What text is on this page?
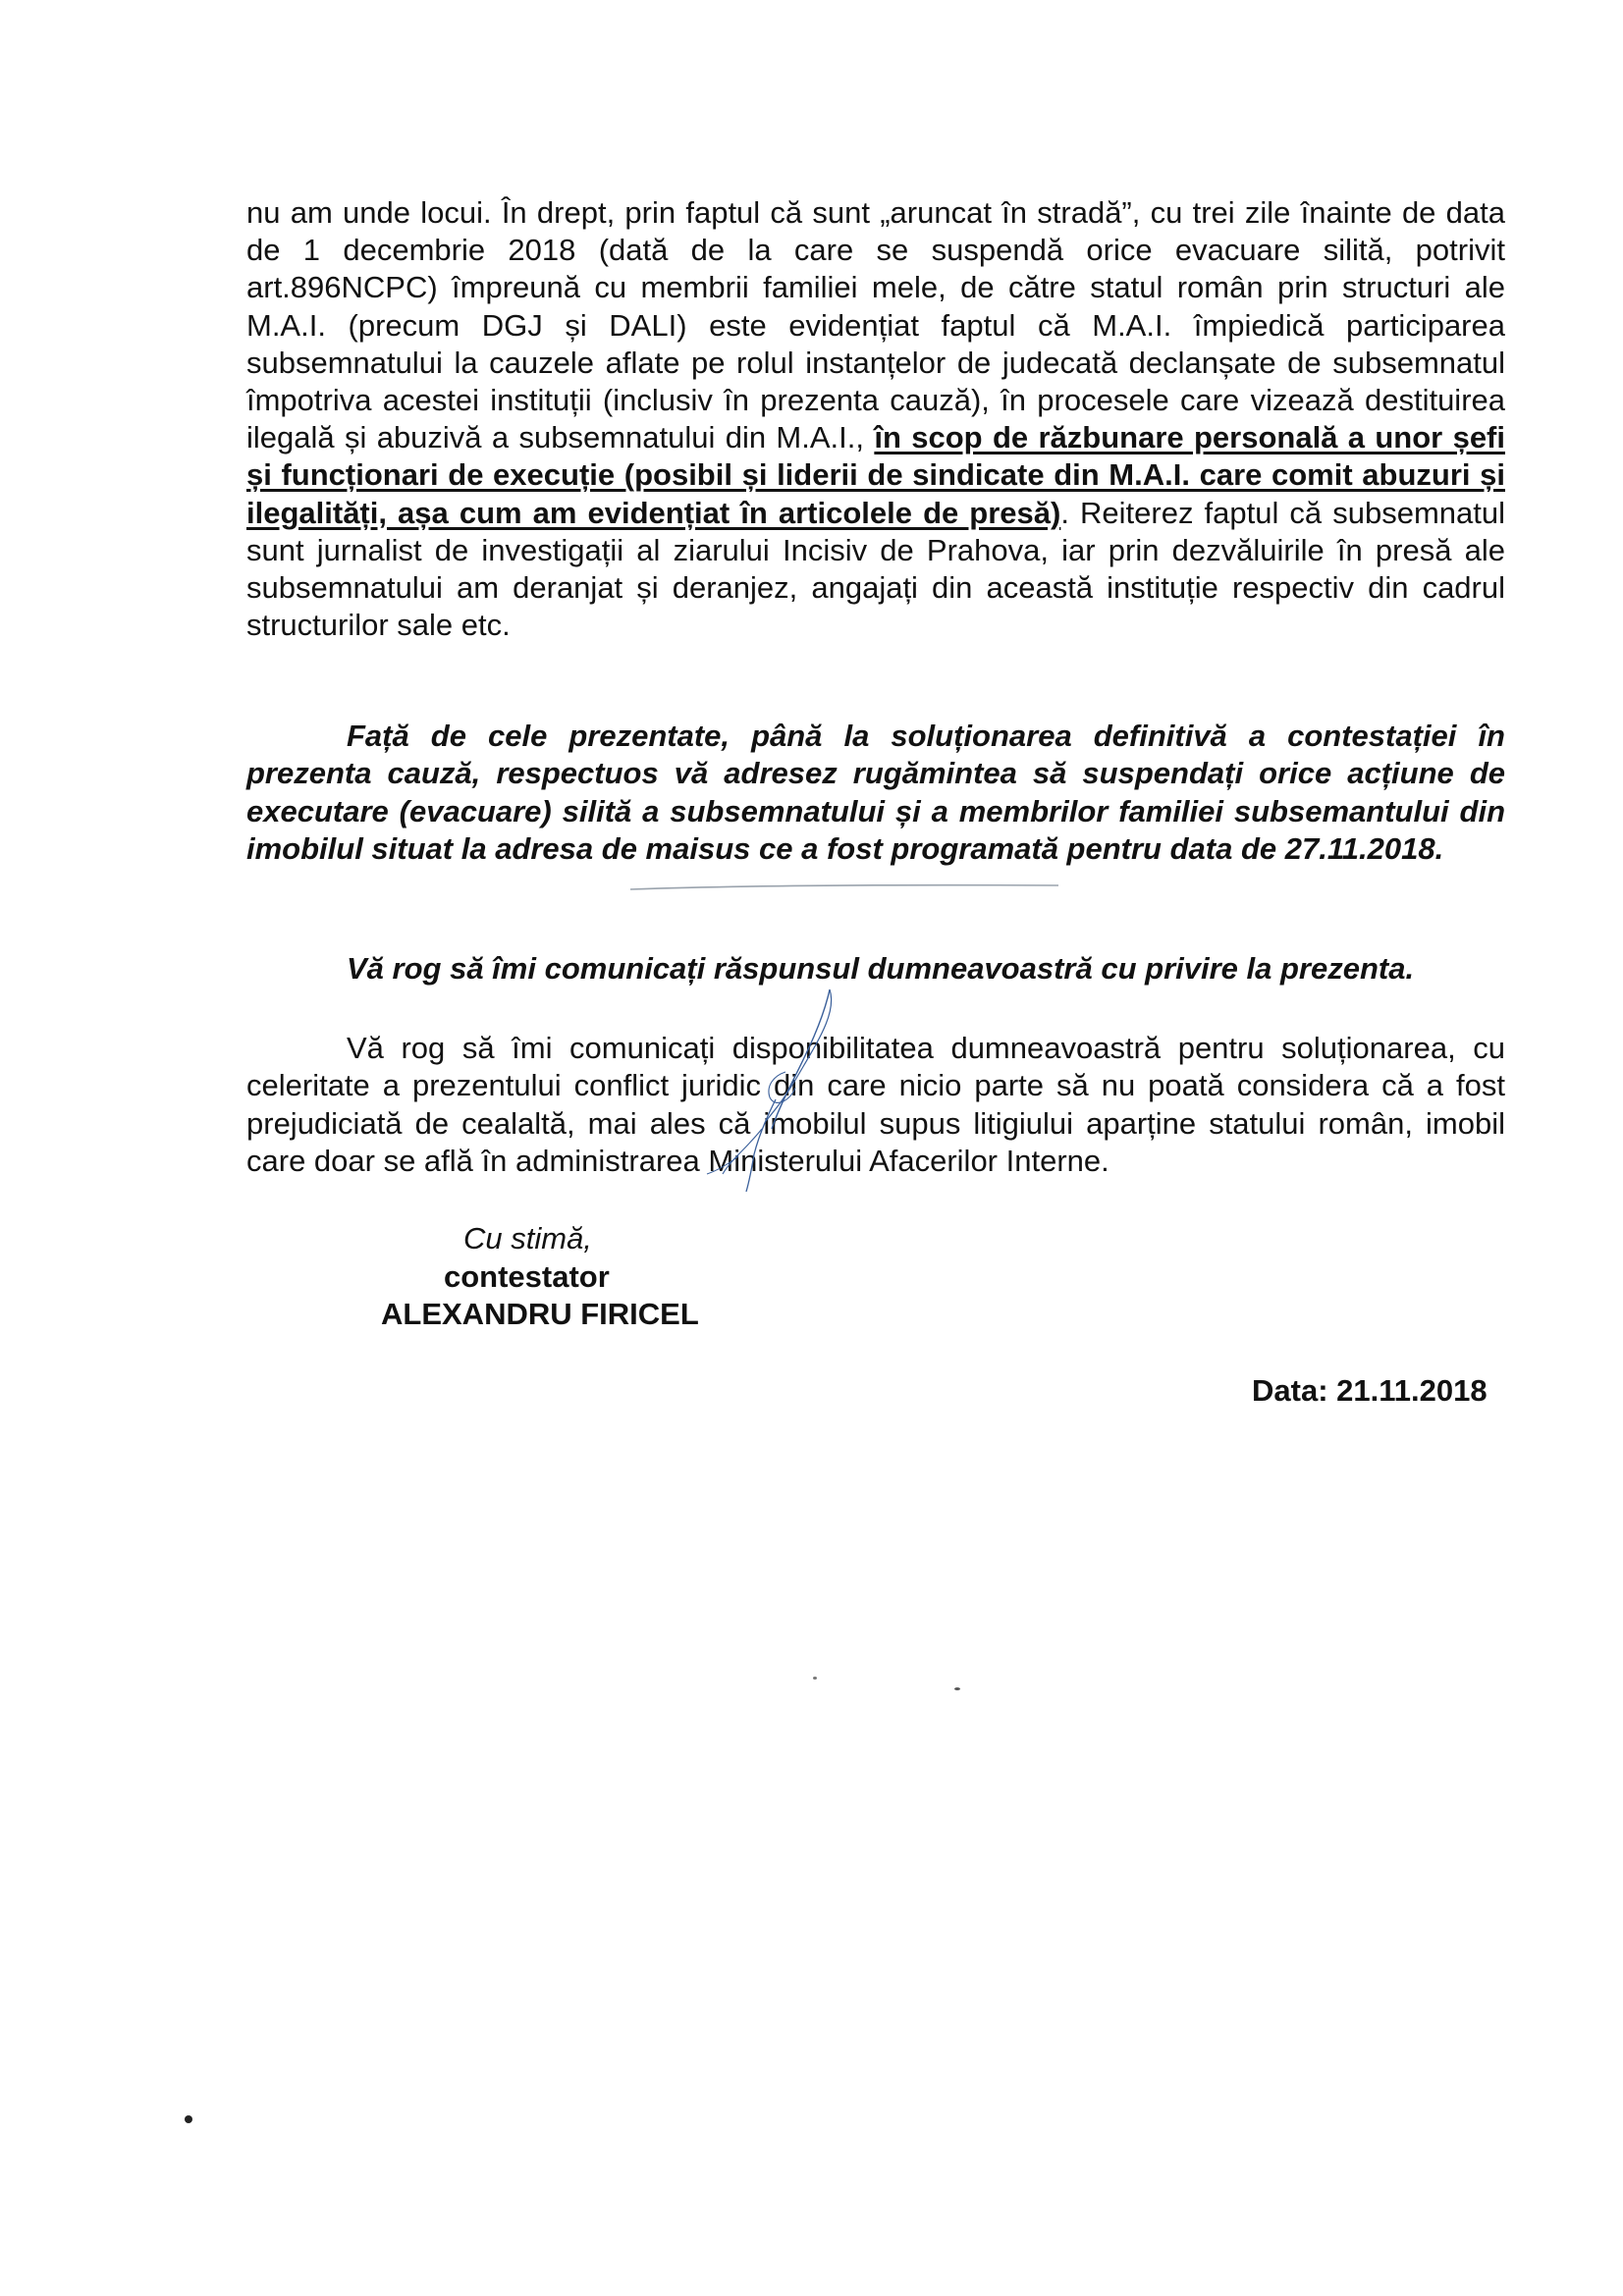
nu am unde locui. În drept, prin faptul că sunt „aruncat în stradă”, cu trei zile înainte de data de 1 decembrie 2018 (dată de la care se suspendă orice evacuare silită, potrivit art.896NCPC) împreună cu membrii familiei mele, de către statul român prin structuri ale M.A.I. (precum DGJ și DALI) este evidențiat faptul că M.A.I. împiedică participarea subsemnatului la cauzele aflate pe rolul instanțelor de judecată declanșate de subsemnatul împotriva acestei instituții (inclusiv în prezenta cauză), în procesele care vizează destituirea ilegală și abuzivă a subsemnatului din M.A.I., în scop de răzbunare personală a unor șefi și funcționari de execuție (posibil și liderii de sindicate din M.A.I. care comit abuzuri și ilegalități, așa cum am evidențiat în articolele de presă). Reiterez faptul că subsemnatul sunt jurnalist de investigații al ziarului Incisiv de Prahova, iar prin dezvăluirile în presă ale subsemnatului am deranjat și deranjez, angajați din această instituție respectiv din cadrul structurilor sale etc.

Față de cele prezentate, până la soluționarea definitivă a contestației în prezenta cauză, respectuos vă adresez rugămintea să suspendați orice acțiune de executare (evacuare) silită a subsemnatului și a membrilor familiei subsemantului din imobilul situat la adresa de maisus ce a fost programată pentru data de 27.11.2018.

Vă rog să îmi comunicați răspunsul dumneavoastră cu privire la prezenta.

Vă rog să îmi comunicați disponibilitatea dumneavoastră pentru soluționarea, cu celeritate a prezentului conflict juridic din care nicio parte să nu poată considera că a fost prejudiciată de cealaltă, mai ales că imobilul supus litigiului aparține statului român, imobil care doar se află în administrarea Ministerului Afacerilor Interne.

Cu stimă,

contestator

ALEXANDRU FIRICEL

Data: 21.11.2018
